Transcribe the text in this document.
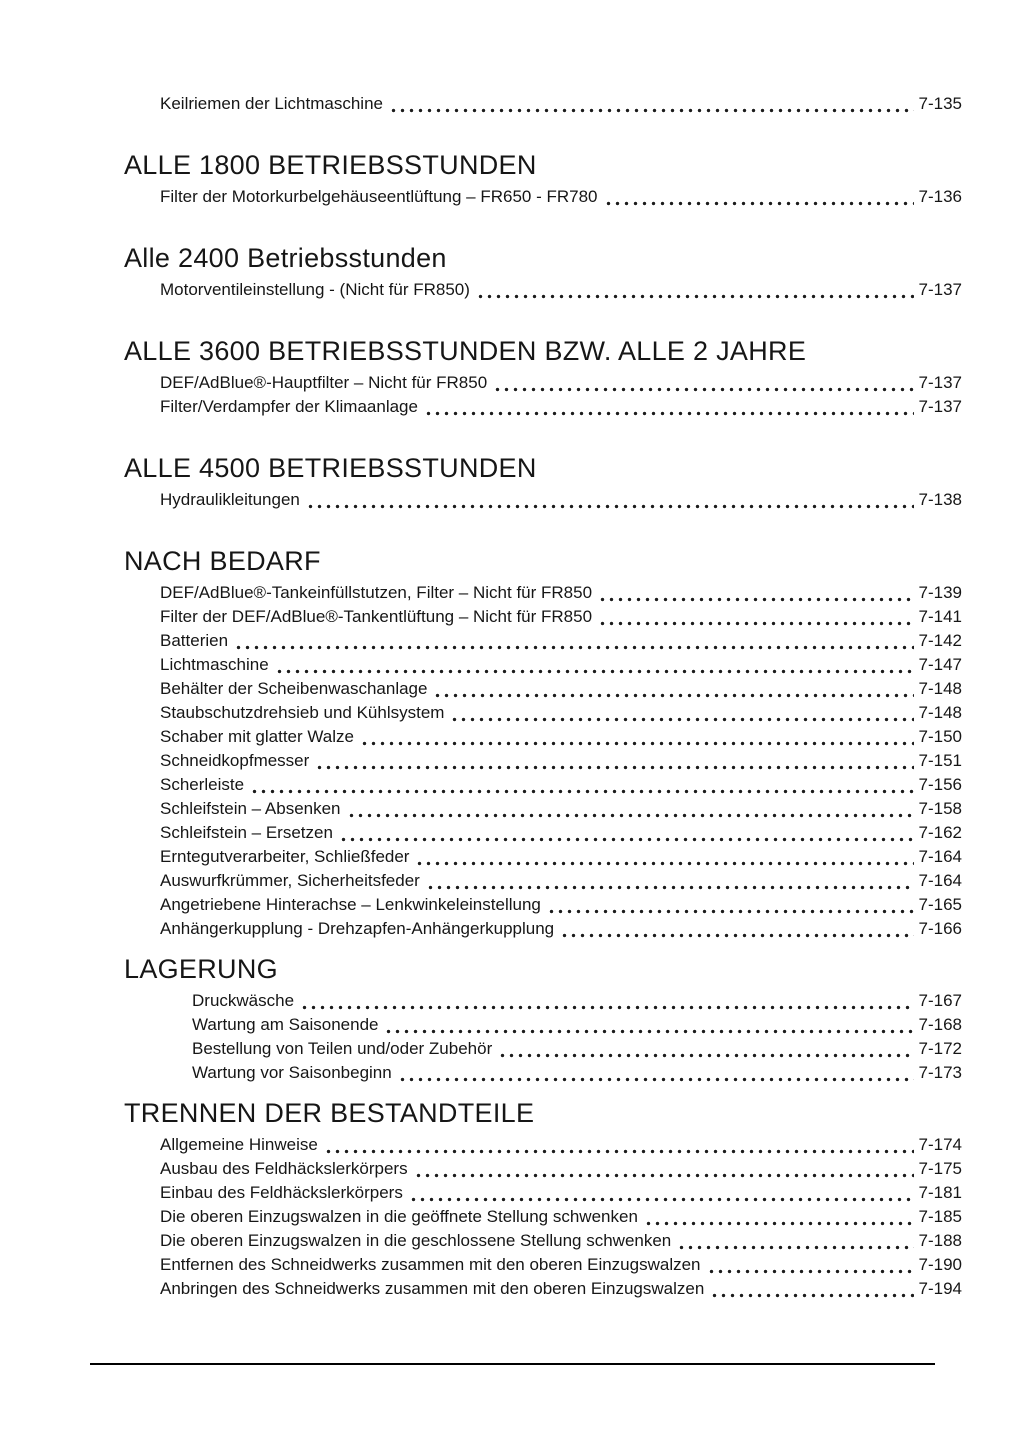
Keilriemen der Lichtmaschine	7-135
ALLE 1800 BETRIEBSSTUNDEN
Filter der Motorkurbelgehäuseentlüftung – FR650 - FR780	7-136
Alle 2400 Betriebsstunden
Motorventileinstellung - (Nicht für FR850)	7-137
ALLE 3600 BETRIEBSSTUNDEN BZW. ALLE 2 JAHRE
DEF/AdBlue®-Hauptfilter – Nicht für FR850	7-137
Filter/Verdampfer der Klimaanlage	7-137
ALLE 4500 BETRIEBSSTUNDEN
Hydraulikleitungen	7-138
NACH BEDARF
DEF/AdBlue®-Tankeinfüllstutzen, Filter – Nicht für FR850	7-139
Filter der DEF/AdBlue®-Tankentlüftung – Nicht für FR850	7-141
Batterien	7-142
Lichtmaschine	7-147
Behälter der Scheibenwaschanlage	7-148
Staubschutzdrehsieb und Kühlsystem	7-148
Schaber mit glatter Walze	7-150
Schneidkopfmesser	7-151
Scherleiste	7-156
Schleifstein – Absenken	7-158
Schleifstein – Ersetzen	7-162
Erntegutverarbeiter, Schließfeder	7-164
Auswurfkrümmer, Sicherheitsfeder	7-164
Angetriebene Hinterachse – Lenkwinkeleinstellung	7-165
Anhängerkupplung - Drehzapfen-Anhängerkupplung	7-166
LAGERUNG
Druckwäsche	7-167
Wartung am Saisonende	7-168
Bestellung von Teilen und/oder Zubehör	7-172
Wartung vor Saisonbeginn	7-173
TRENNEN DER BESTANDTEILE
Allgemeine Hinweise	7-174
Ausbau des Feldhäckslerkörpers	7-175
Einbau des Feldhäckslerkörpers	7-181
Die oberen Einzugswalzen in die geöffnete Stellung schwenken	7-185
Die oberen Einzugswalzen in die geschlossene Stellung schwenken	7-188
Entfernen des Schneidwerks zusammen mit den oberen Einzugswalzen	7-190
Anbringen des Schneidwerks zusammen mit den oberen Einzugswalzen	7-194
